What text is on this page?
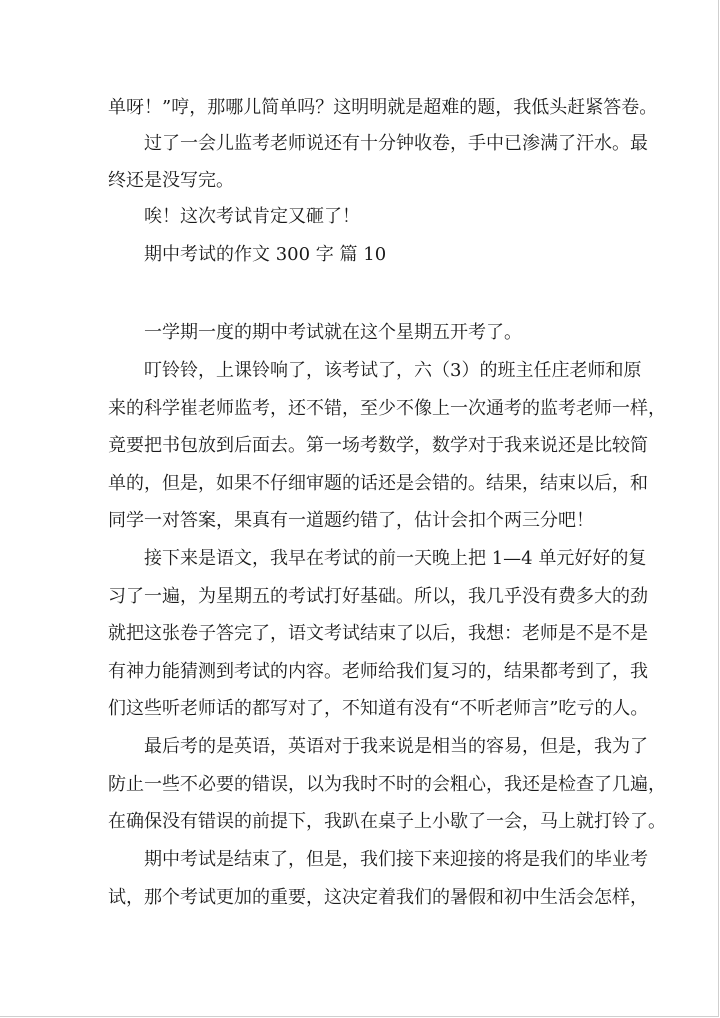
单呀！”哼，那哪儿简单吗？这明明就是超难的题，我低头赶紧答卷。
过了一会儿监考老师说还有十分钟收卷，手中已渗满了汗水。最
终还是没写完。
唉！这次考试肯定又砸了！
期中考试的作文 300 字 篇 10
一学期一度的期中考试就在这个星期五开考了。
叮铃铃，上课铃响了，该考试了，六（3）的班主任庄老师和原
来的科学崔老师监考，还不错，至少不像上一次通考的监考老师一样，
竟要把书包放到后面去。第一场考数学，数学对于我来说还是比较简
单的，但是，如果不仔细审题的话还是会错的。结果，结束以后，和
同学一对答案，果真有一道题约错了，估计会扣个两三分吧！
接下来是语文，我早在考试的前一天晚上把 1—4 单元好好的复
习了一遍，为星期五的考试打好基础。所以，我几乎没有费多大的劲
就把这张卷子答完了，语文考试结束了以后，我想：老师是不是不是
有神力能猜测到考试的内容。老师给我们复习的，结果都考到了，我
们这些听老师话的都写对了，不知道有没有“不听老师言”吃亏的人。
最后考的是英语，英语对于我来说是相当的容易，但是，我为了
防止一些不必要的错误，以为我时不时的会粗心，我还是检查了几遍，
在确保没有错误的前提下，我趴在桌子上小歇了一会，马上就打铃了。
期中考试是结束了，但是，我们接下来迎接的将是我们的毕业考
试，那个考试更加的重要，这决定着我们的暑假和初中生活会怎样，
